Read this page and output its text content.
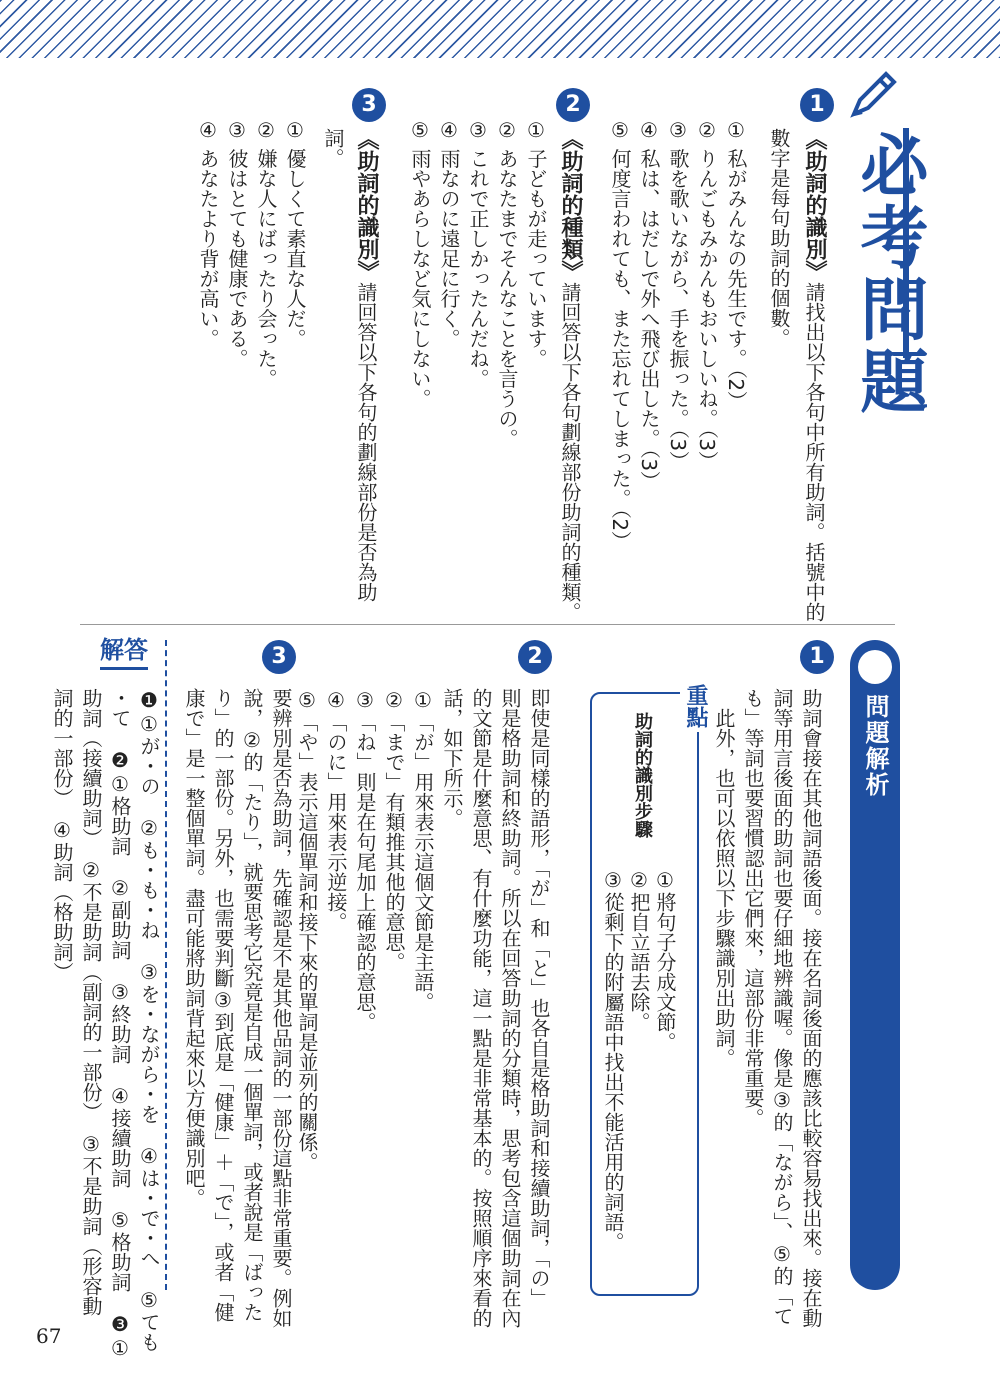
必考問題
1
《助詞的識別》請找出以下各句中所有助詞。括號中的
數字是每句助詞的個數。
① 私がみんなの先生です。（2）
② りんごもみかんもおいしいね。（3）
③ 歌を歌いながら、手を振った。（3）
④ 私は、はだしで外へ飛び出した。（3）
⑤ 何度言われても、また忘れてしまった。（2）
2
《助詞的種類》請回答以下各句劃線部份助詞的種類。
① 子どもが走っています。
② あなたまでそんなことを言うの。
③ これで正しかったんだね。
④ 雨なのに遠足に行く。
⑤ 雨やあらしなど気にしない。
3
《助詞的識別》請回答以下各句的劃線部份是否為助
詞。
① 優しくて素直な人だ。
② 嫌な人にばったり会った。
③ 彼はとても健康である。
④ あなたより背が高い。
問題解析
1
助詞會接在其他詞語後面。接在名詞後面的應該比較容易找出來。接在動
詞等用言後面的助詞也要仔細地辨識喔。像是③的「ながら」、⑤的「て
も」等詞也要習慣認出它們來，這部份非常重要。
　此外，也可以依照以下步驟識別出助詞。
重點
助詞的識別步驟
①將句子分成文節。
②把自立語去除。
③從剩下的附屬語中找出不能活用的詞語。
2
即使是同樣的語形，「が」和「と」也各自是格助詞和接續助詞，「の」
則是格助詞和終助詞。所以在回答助詞的分類時，思考包含這個助詞在內
的文節是什麼意思、有什麼功能，這一點是非常基本的。按照順序來看的
話，如下所示。
①「が」用來表示這個文節是主語。
②「まで」有類推其他的意思。
③「ね」則是在句尾加上確認的意思。
④「のに」用來表示逆接。
⑤「や」表示這個單詞和接下來的單詞是並列的關係。
3
要辨別是否為助詞，先確認是不是其他品詞的一部份這點非常重要。例如
說，②的「たり」，就要思考它究竟是自成一個單詞，或者說是「ばった
り」的一部份。另外，也需要判斷③到底是「健康」＋「で」，或者「健
康で」是一整個單詞。盡可能將助詞背起來以方便識別吧。
解答
❶①が・の　②も・も・ね　③を・ながら・を　④は・で・へ　⑤ても
・て　❷①格助詞　②副助詞　③終助詞　④接續助詞　⑤格助詞　❸①
助詞（接續助詞）　②不是助詞（副詞的一部份）　③不是助詞（形容動
詞的一部份）　④助詞（格助詞）
67
